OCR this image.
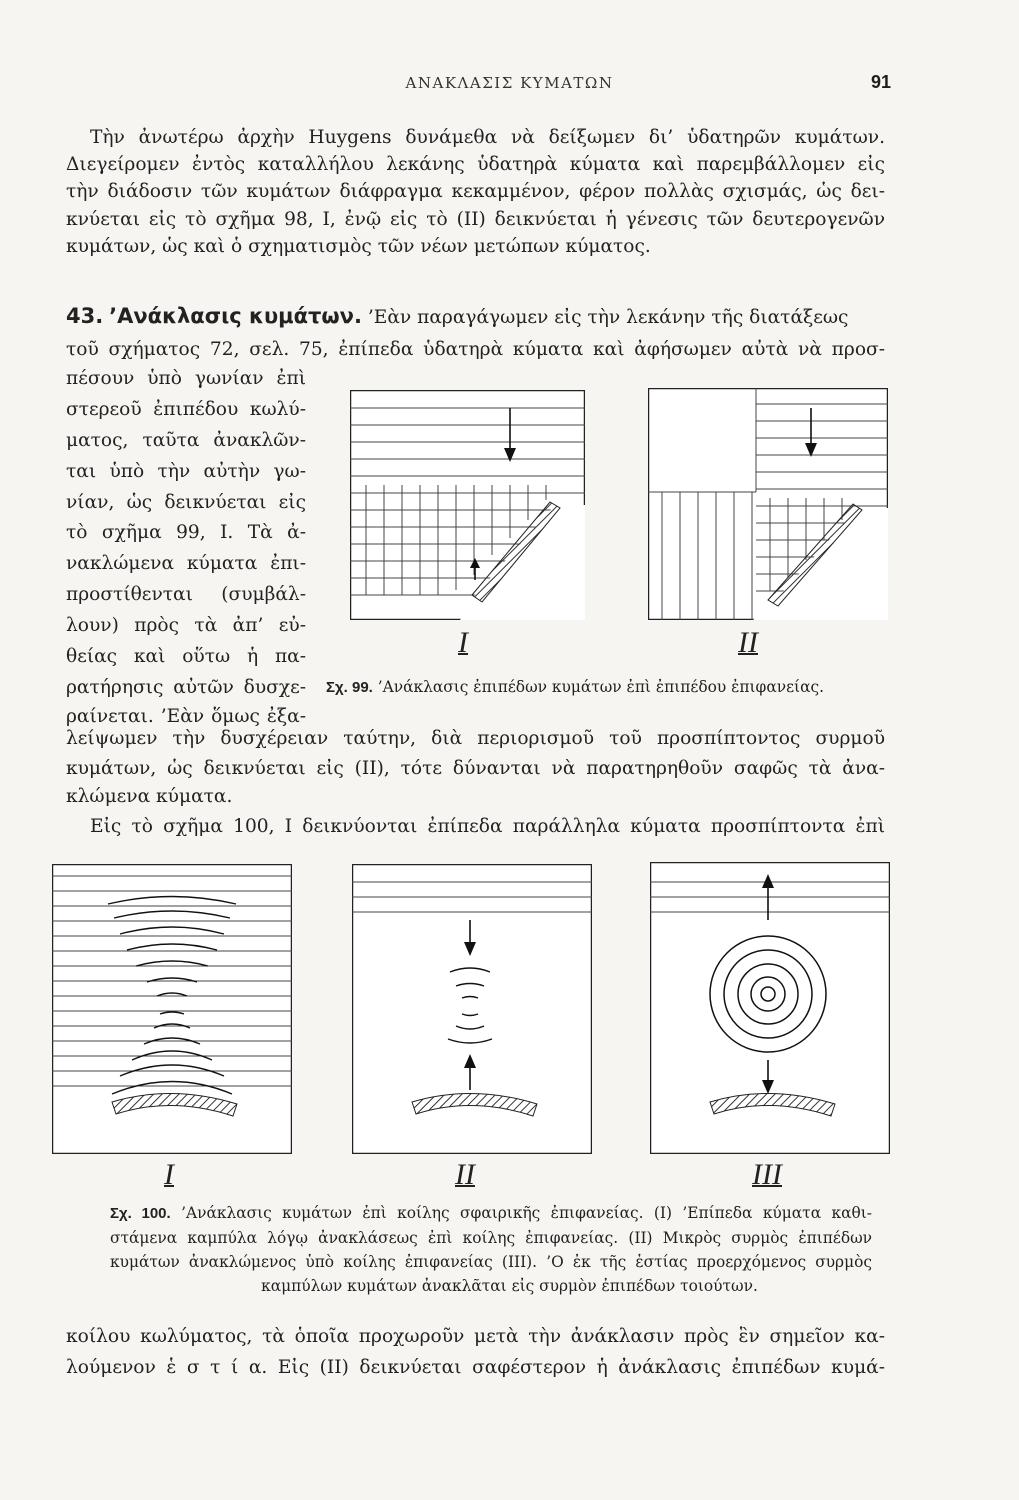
ΑΝΑΚΛΑΣΙΣ ΚΥΜΑΤΩΝ	91
Τὴν ἀνωτέρω ἀρχὴν Huygens δυνάμεθα νὰ δείξωμεν δι’ ὑδατηρῶν κυμάτων.
Διεγείρομεν ἐντὸς καταλλήλου λεκάνης ὑδατηρὰ κύματα καὶ παρεμβάλλομεν εἰς
τὴν διάδοσιν τῶν κυμάτων διάφραγμα κεκαμμένον, φέρον πολλὰς σχισμάς, ὡς δει-
κνύεται εἰς τὸ σχῆμα 98, I, ἐνῷ εἰς τὸ (II) δεικνύεται ἡ γένεσις τῶν δευτερογενῶν
κυμάτων, ὡς καὶ ὁ σχηματισμὸς τῶν νέων μετώπων κύματος.
43. ’Ανάκλασις κυμάτων. ’Εὰν παραγάγωμεν εἰς τὴν λεκάνην τῆς διατάξεως
τοῦ σχήματος 72, σελ. 75, ἐπίπεδα ὑδατηρὰ κύματα καὶ ἀφήσωμεν αὐτὰ νὰ προσ-
πέσουν ὑπὸ γωνίαν ἐπὶ
στερεοῦ ἐπιπέδου κωλύ-
ματος, ταῦτα ἀνακλῶν-
ται ὑπὸ τὴν αὐτὴν γω-
νίαν, ὡς δεικνύεται εἰς
τὸ σχῆμα 99, I. Τὰ ἀ-
νακλώμενα κύματα ἐπι-
προστίθενται (συμβάλ-
λουν) πρὸς τὰ ἀπ’ εὐ-
θείας καὶ οὕτω ἡ πα-
ρατήρησις αὐτῶν δυσχε-
ραίνεται. ’Εὰν ὅμως ἐξα-
I	II
Σχ. 99. ’Ανάκλασις ἐπιπέδων κυμάτων ἐπὶ ἐπιπέδου ἐπιφανείας.
λείψωμεν τὴν δυσχέρειαν ταύτην, διὰ περιορισμοῦ τοῦ προσπίπτοντος συρμοῦ
κυμάτων, ὡς δεικνύεται εἰς (II), τότε δύνανται νὰ παρατηρηθοῦν σαφῶς τὰ ἀνα-
κλώμενα κύματα.
Εἰς τὸ σχῆμα 100, I δεικνύονται ἐπίπεδα παράλληλα κύματα προσπίπτοντα ἐπὶ
I	II	III
Σχ. 100. ’Ανάκλασις κυμάτων ἐπὶ κοίλης σφαιρικῆς ἐπιφανείας. (I) ’Επίπεδα κύματα καθι-
στάμενα καμπύλα λόγῳ ἀνακλάσεως ἐπὶ κοίλης ἐπιφανείας. (II) Μικρὸς συρμὸς ἐπιπέδων
κυμάτων ἀνακλώμενος ὑπὸ κοίλης ἐπιφανείας (III). ’Ο ἐκ τῆς ἑστίας προερχόμενος συρμὸς
καμπύλων κυμάτων ἀνακλᾶται εἰς συρμὸν ἐπιπέδων τοιούτων.
κοίλου κωλύματος, τὰ ὁποῖα προχωροῦν μετὰ τὴν ἀνάκλασιν πρὸς ἓν σημεῖον κα-
λούμενον ἑ σ τ ί α. Εἰς (II) δεικνύεται σαφέστερον ἡ ἀνάκλασις ἐπιπέδων κυμά-
